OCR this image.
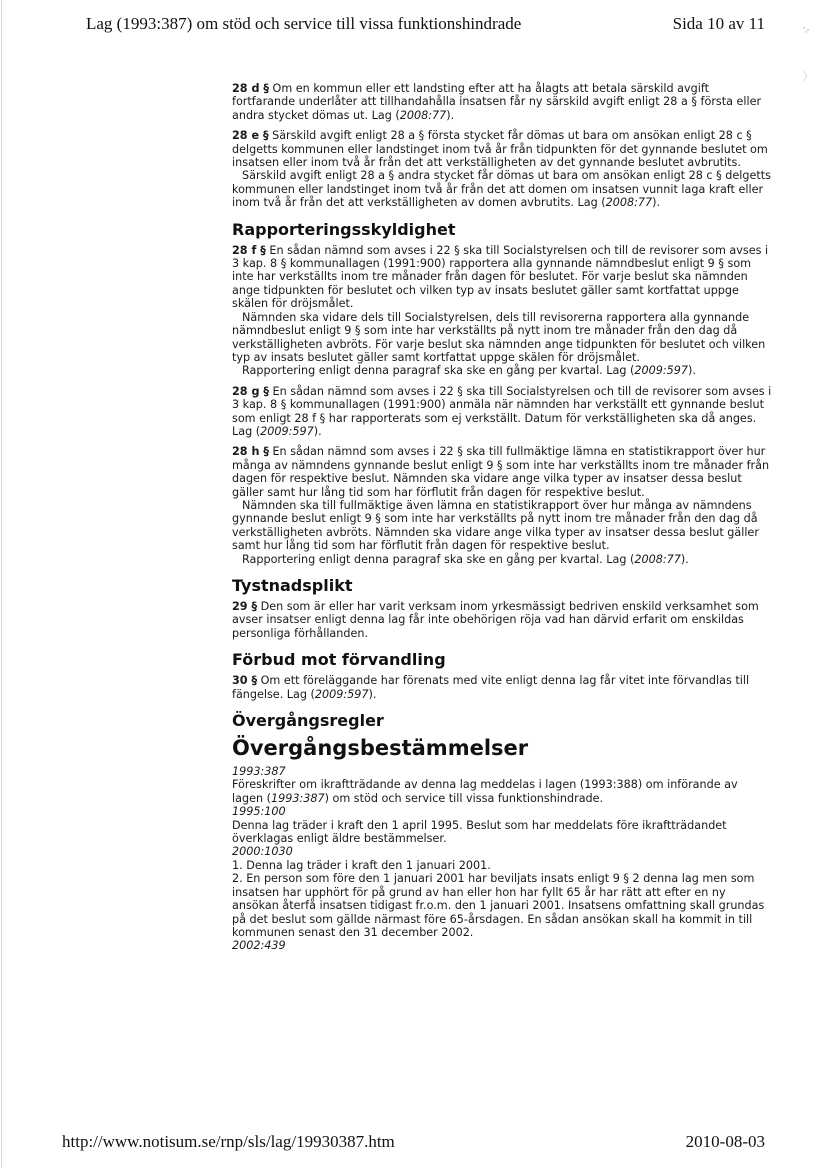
Lag (1993:387) om stöd och service till vissa funktionshindrade	Sida 10 av 11

28 d § Om en kommun eller ett landsting efter att ha ålagts att betala särskild avgift fortfarande underlåter att tillhandahålla insatsen får ny särskild avgift enligt 28 a § första eller andra stycket dömas ut. Lag (2008:77).

28 e § Särskild avgift enligt 28 a § första stycket får dömas ut bara om ansökan enligt 28 c § delgetts kommunen eller landstinget inom två år från tidpunkten för det gynnande beslutet om insatsen eller inom två år från det att verkställigheten av det gynnande beslutet avbrutits.
Särskild avgift enligt 28 a § andra stycket får dömas ut bara om ansökan enligt 28 c § delgetts kommunen eller landstinget inom två år från det att domen om insatsen vunnit laga kraft eller inom två år från det att verkställigheten av domen avbrutits. Lag (2008:77).

Rapporteringsskyldighet

28 f § En sådan nämnd som avses i 22 § ska till Socialstyrelsen och till de revisorer som avses i 3 kap. 8 § kommunallagen (1991:900) rapportera alla gynnande nämndbeslut enligt 9 § som inte har verkställts inom tre månader från dagen för beslutet. För varje beslut ska nämnden ange tidpunkten för beslutet och vilken typ av insats beslutet gäller samt kortfattat uppge skälen för dröjsmålet.
Nämnden ska vidare dels till Socialstyrelsen, dels till revisorerna rapportera alla gynnande nämndbeslut enligt 9 § som inte har verkställts på nytt inom tre månader från den dag då verkställigheten avbröts. För varje beslut ska nämnden ange tidpunkten för beslutet och vilken typ av insats beslutet gäller samt kortfattat uppge skälen för dröjsmålet.
Rapportering enligt denna paragraf ska ske en gång per kvartal. Lag (2009:597).

28 g § En sådan nämnd som avses i 22 § ska till Socialstyrelsen och till de revisorer som avses i 3 kap. 8 § kommunallagen (1991:900) anmäla när nämnden har verkställt ett gynnande beslut som enligt 28 f § har rapporterats som ej verkställt. Datum för verkställigheten ska då anges. Lag (2009:597).

28 h § En sådan nämnd som avses i 22 § ska till fullmäktige lämna en statistikrapport över hur många av nämndens gynnande beslut enligt 9 § som inte har verkställts inom tre månader från dagen för respektive beslut. Nämnden ska vidare ange vilka typer av insatser dessa beslut gäller samt hur lång tid som har förflutit från dagen för respektive beslut.
Nämnden ska till fullmäktige även lämna en statistikrapport över hur många av nämndens gynnande beslut enligt 9 § som inte har verkställts på nytt inom tre månader från den dag då verkställigheten avbröts. Nämnden ska vidare ange vilka typer av insatser dessa beslut gäller samt hur lång tid som har förflutit från dagen för respektive beslut.
Rapportering enligt denna paragraf ska ske en gång per kvartal. Lag (2008:77).

Tystnadsplikt

29 § Den som är eller har varit verksam inom yrkesmässigt bedriven enskild verksamhet som avser insatser enligt denna lag får inte obehörigen röja vad han därvid erfarit om enskildas personliga förhållanden.

Förbud mot förvandling

30 § Om ett föreläggande har förenats med vite enligt denna lag får vitet inte förvandlas till fängelse. Lag (2009:597).

Övergångsregler
Övergångsbestämmelser
1993:387
Föreskrifter om ikraftträdande av denna lag meddelas i lagen (1993:388) om införande av lagen (1993:387) om stöd och service till vissa funktionshindrade.
1995:100
Denna lag träder i kraft den 1 april 1995. Beslut som har meddelats före ikraftträdandet överklagas enligt äldre bestämmelser.
2000:1030
1. Denna lag träder i kraft den 1 januari 2001.
2. En person som före den 1 januari 2001 har beviljats insats enligt 9 § 2 denna lag men som insatsen har upphört för på grund av han eller hon har fyllt 65 år har rätt att efter en ny ansökan återfå insatsen tidigast fr.o.m. den 1 januari 2001. Insatsens omfattning skall grundas på det beslut som gällde närmast före 65-årsdagen. En sådan ansökan skall ha kommit in till kommunen senast den 31 december 2002.
2002:439
http://www.notisum.se/rnp/sls/lag/19930387.htm	2010-08-03
